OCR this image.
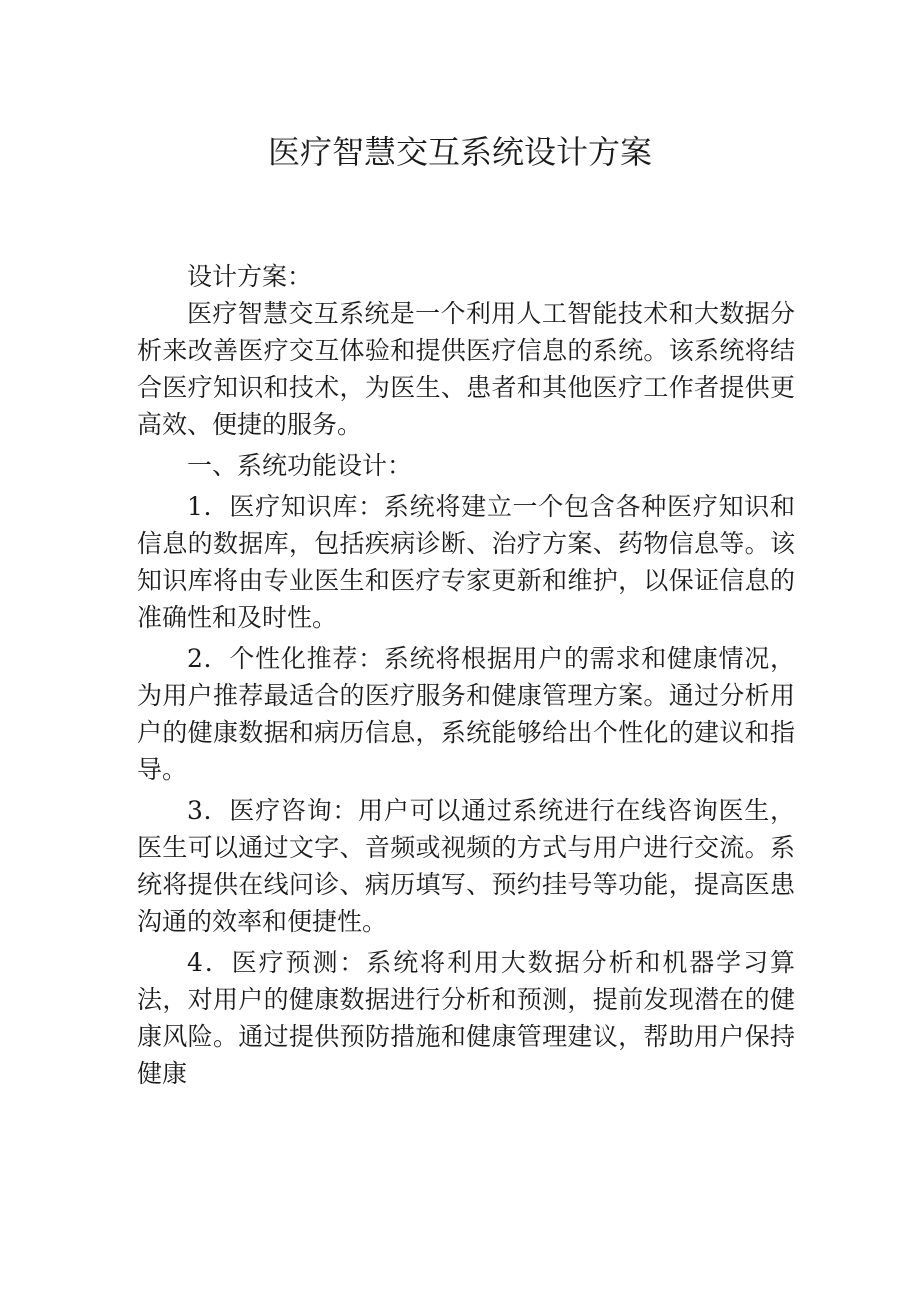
医疗智慧交互系统设计方案

设计方案：

医疗智慧交互系统是一个利用人工智能技术和大数据分析来改善医疗交互体验和提供医疗信息的系统。该系统将结合医疗知识和技术，为医生、患者和其他医疗工作者提供更高效、便捷的服务。

一、系统功能设计：

1．医疗知识库：系统将建立一个包含各种医疗知识和信息的数据库，包括疾病诊断、治疗方案、药物信息等。该知识库将由专业医生和医疗专家更新和维护，以保证信息的准确性和及时性。

2．个性化推荐：系统将根据用户的需求和健康情况，为用户推荐最适合的医疗服务和健康管理方案。通过分析用户的健康数据和病历信息，系统能够给出个性化的建议和指导。

3．医疗咨询：用户可以通过系统进行在线咨询医生，医生可以通过文字、音频或视频的方式与用户进行交流。系统将提供在线问诊、病历填写、预约挂号等功能，提高医患沟通的效率和便捷性。

4．医疗预测：系统将利用大数据分析和机器学习算法，对用户的健康数据进行分析和预测，提前发现潜在的健康风险。通过提供预防措施和健康管理建议，帮助用户保持健康
